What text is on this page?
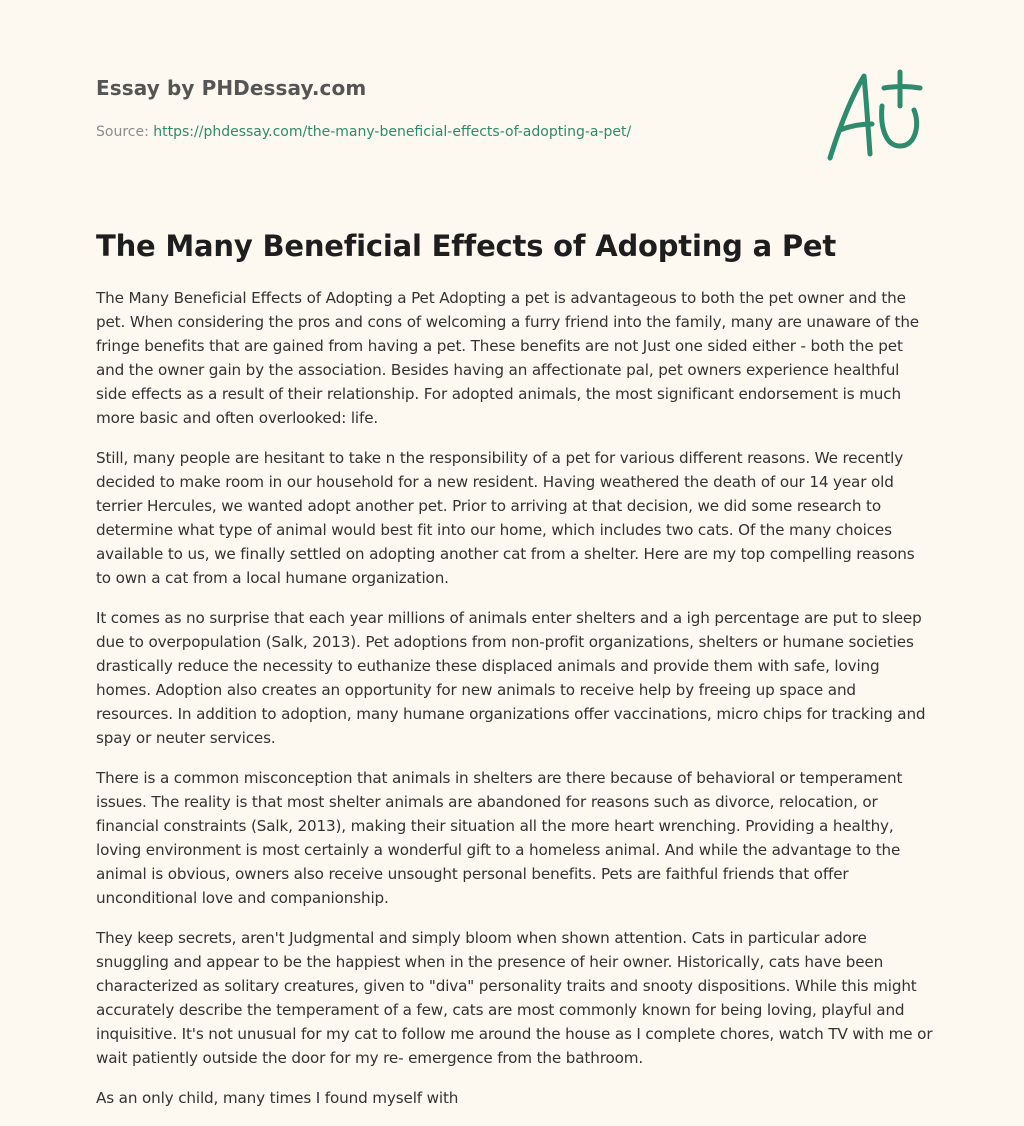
Essay by PHDessay.com
Source: https://phdessay.com/the-many-beneficial-effects-of-adopting-a-pet/
The Many Beneficial Effects of Adopting a Pet

The Many Beneficial Effects of Adopting a Pet Adopting a pet is advantageous to both the pet owner and the pet. When considering the pros and cons of welcoming a furry friend into the family, many are unaware of the fringe benefits that are gained from having a pet. These benefits are not Just one sided either - both the pet and the owner gain by the association. Besides having an affectionate pal, pet owners experience healthful side effects as a result of their relationship. For adopted animals, the most significant endorsement is much more basic and often overlooked: life.

Still, many people are hesitant to take n the responsibility of a pet for various different reasons. We recently decided to make room in our household for a new resident. Having weathered the death of our 14 year old terrier Hercules, we wanted adopt another pet. Prior to arriving at that decision, we did some research to determine what type of animal would best fit into our home, which includes two cats. Of the many choices available to us, we finally settled on adopting another cat from a shelter. Here are my top compelling reasons to own a cat from a local humane organization.

It comes as no surprise that each year millions of animals enter shelters and a igh percentage are put to sleep due to overpopulation (Salk, 2013). Pet adoptions from non-profit organizations, shelters or humane societies drastically reduce the necessity to euthanize these displaced animals and provide them with safe, loving homes. Adoption also creates an opportunity for new animals to receive help by freeing up space and resources. In addition to adoption, many humane organizations offer vaccinations, micro chips for tracking and spay or neuter services.

There is a common misconception that animals in shelters are there because of behavioral or temperament issues. The reality is that most shelter animals are abandoned for reasons such as divorce, relocation, or financial constraints (Salk, 2013), making their situation all the more heart wrenching. Providing a healthy, loving environment is most certainly a wonderful gift to a homeless animal. And while the advantage to the animal is obvious, owners also receive unsought personal benefits. Pets are faithful friends that offer unconditional love and companionship.

They keep secrets, aren't Judgmental and simply bloom when shown attention. Cats in particular adore snuggling and appear to be the happiest when in the presence of heir owner. Historically, cats have been characterized as solitary creatures, given to "diva" personality traits and snooty dispositions. While this might accurately describe the temperament of a few, cats are most commonly known for being loving, playful and inquisitive. It's not unusual for my cat to follow me around the house as I complete chores, watch TV with me or wait patiently outside the door for my re- emergence from the bathroom.

As an only child, many times I found myself with
